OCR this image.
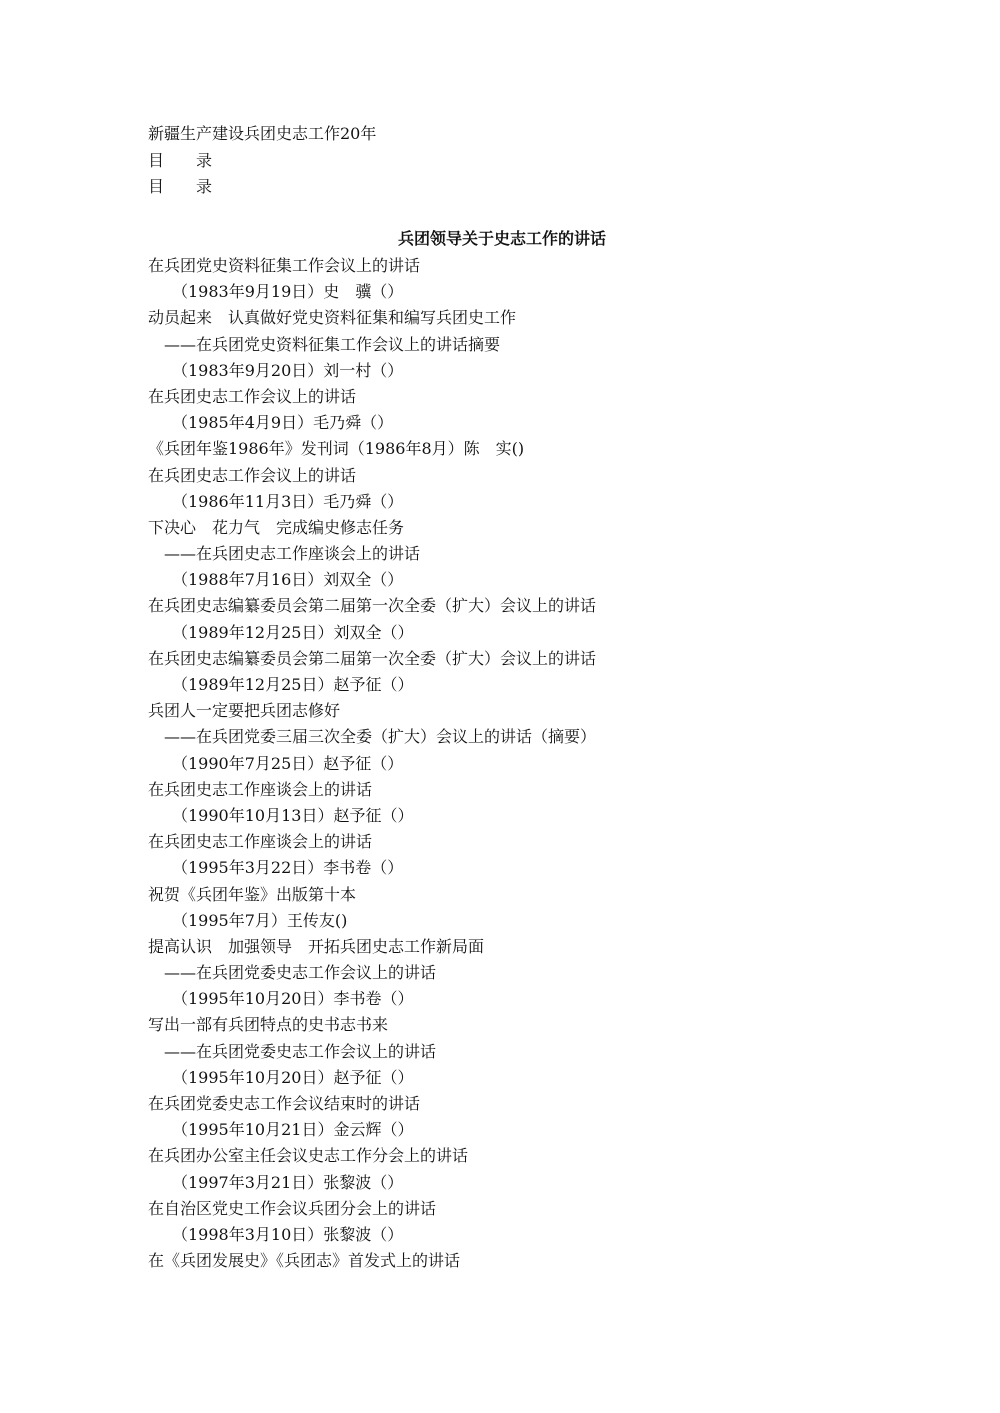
新疆生产建设兵团史志工作20年
目　　录
目　　录
兵团领导关于史志工作的讲话
在兵团党史资料征集工作会议上的讲话
（1983年9月19日）史　骥（）
动员起来　认真做好党史资料征集和编写兵团史工作
——在兵团党史资料征集工作会议上的讲话摘要
（1983年9月20日）刘一村（）
在兵团史志工作会议上的讲话
（1985年4月9日）毛乃舜（）
《兵团年鉴1986年》发刊词（1986年8月）陈　实()
在兵团史志工作会议上的讲话
（1986年11月3日）毛乃舜（）
下决心　花力气　完成编史修志任务
——在兵团史志工作座谈会上的讲话
（1988年7月16日）刘双全（）
在兵团史志编纂委员会第二届第一次全委（扩大）会议上的讲话
（1989年12月25日）刘双全（）
在兵团史志编纂委员会第二届第一次全委（扩大）会议上的讲话
（1989年12月25日）赵予征（）
兵团人一定要把兵团志修好
——在兵团党委三届三次全委（扩大）会议上的讲话（摘要）
（1990年7月25日）赵予征（）
在兵团史志工作座谈会上的讲话
（1990年10月13日）赵予征（）
在兵团史志工作座谈会上的讲话
（1995年3月22日）李书卷（）
祝贺《兵团年鉴》出版第十本
（1995年7月）王传友()
提高认识　加强领导　开拓兵团史志工作新局面
——在兵团党委史志工作会议上的讲话
（1995年10月20日）李书卷（）
写出一部有兵团特点的史书志书来
——在兵团党委史志工作会议上的讲话
（1995年10月20日）赵予征（）
在兵团党委史志工作会议结束时的讲话
（1995年10月21日）金云辉（）
在兵团办公室主任会议史志工作分会上的讲话
（1997年3月21日）张黎波（）
在自治区党史工作会议兵团分会上的讲话
（1998年3月10日）张黎波（）
在《兵团发展史》《兵团志》首发式上的讲话
